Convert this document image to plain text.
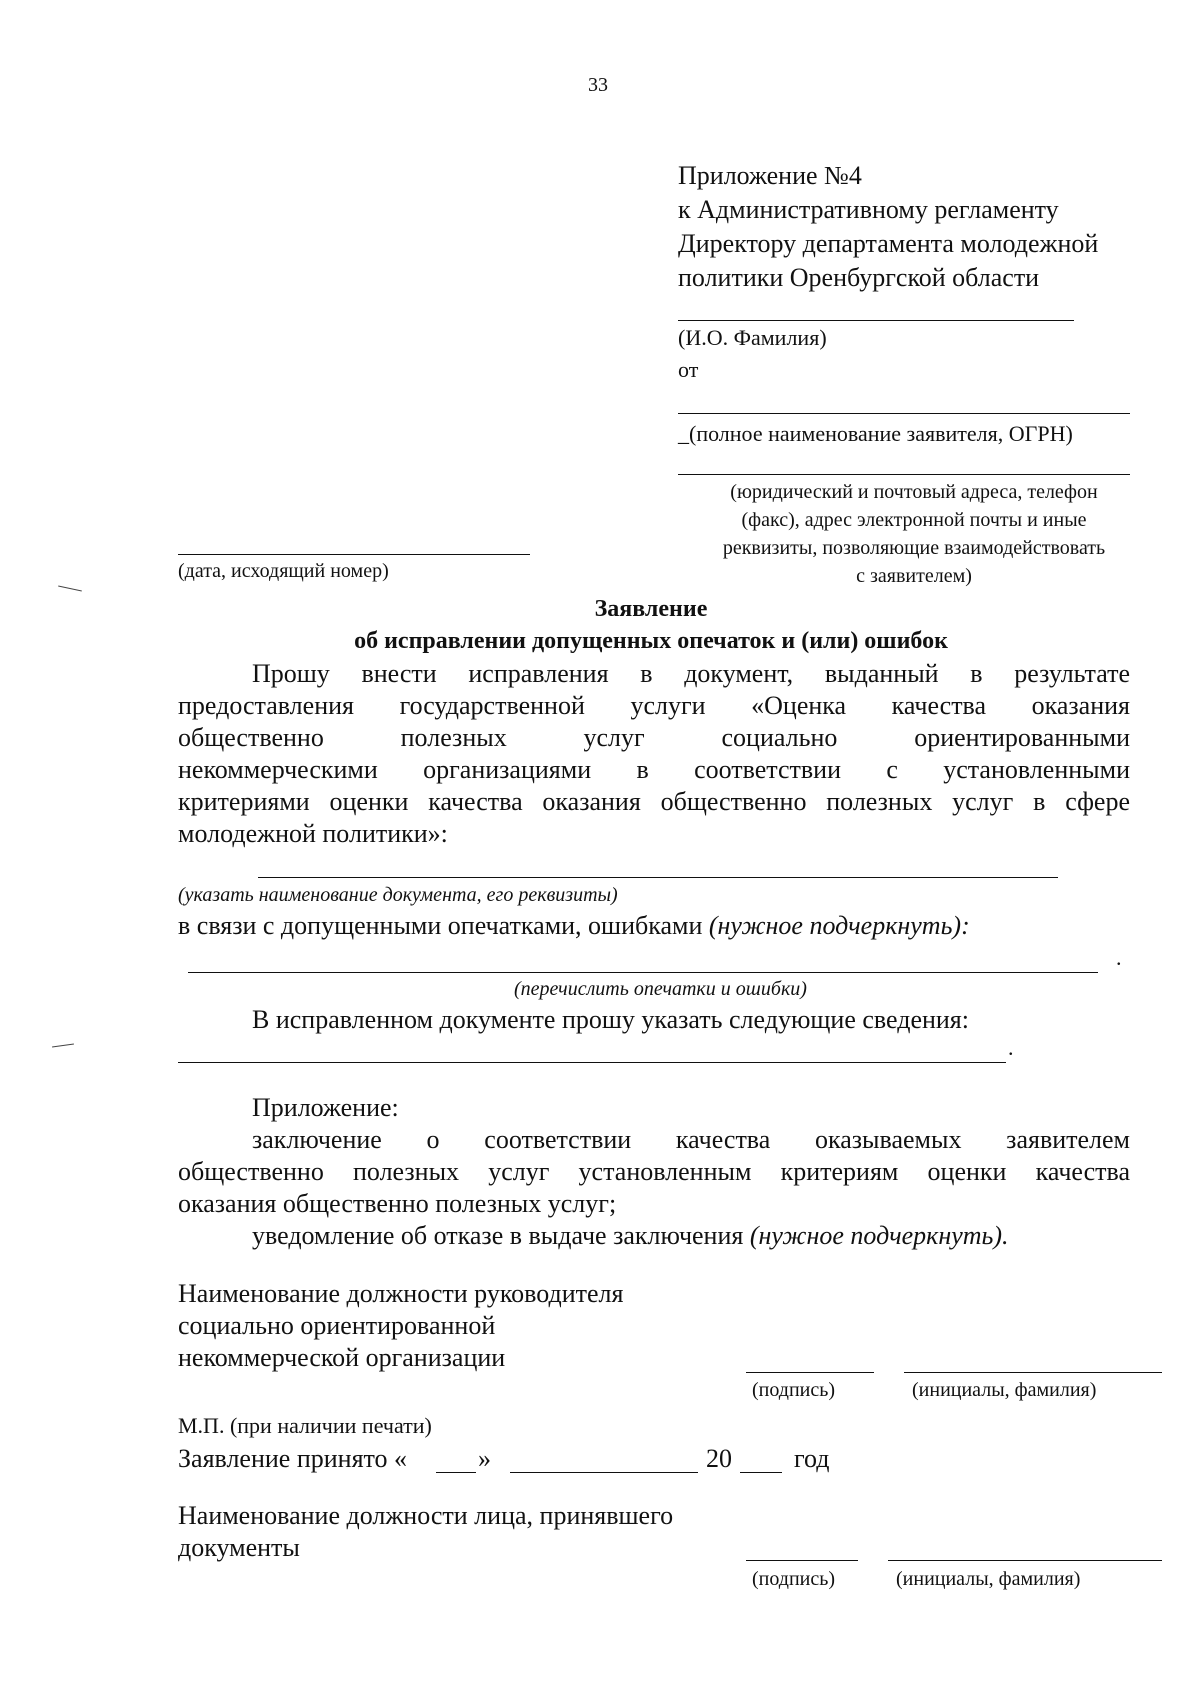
33
Приложение №4
к Административному регламенту
Директору департамента молодежной
политики Оренбургской области
(И.О. Фамилия)
от
_(полное наименование заявителя, ОГРН)
(юридический и почтовый адреса, телефон
(факс), адрес электронной почты и иные
реквизиты, позволяющие взаимодействовать
с заявителем)
(дата, исходящий номер)
Заявление
об исправлении допущенных опечаток и (или) ошибок
Прошу внести исправления в документ, выданный в результате
предоставления государственной услуги «Оценка качества оказания
общественно полезных услуг социально ориентированными
некоммерческими организациями в соответствии с установленными
критериями оценки качества оказания общественно полезных услуг в сфере
молодежной политики»:
(указать наименование документа, его реквизиты)
в связи с допущенными опечатками, ошибками (нужное подчеркнуть):
.
(перечислить опечатки и ошибки)
В исправленном документе прошу указать следующие сведения:
.
Приложение:
заключение о соответствии качества оказываемых заявителем
общественно полезных услуг установленным критериям оценки качества
оказания общественно полезных услуг;
уведомление об отказе в выдаче заключения (нужное подчеркнуть).
Наименование должности руководителя
социально ориентированной
некоммерческой организации
(подпись)	(инициалы, фамилия)
М.П. (при наличии печати)
Заявление принято «	»	20 год
Наименование должности лица, принявшего
документы
(подпись)	(инициалы, фамилия)
